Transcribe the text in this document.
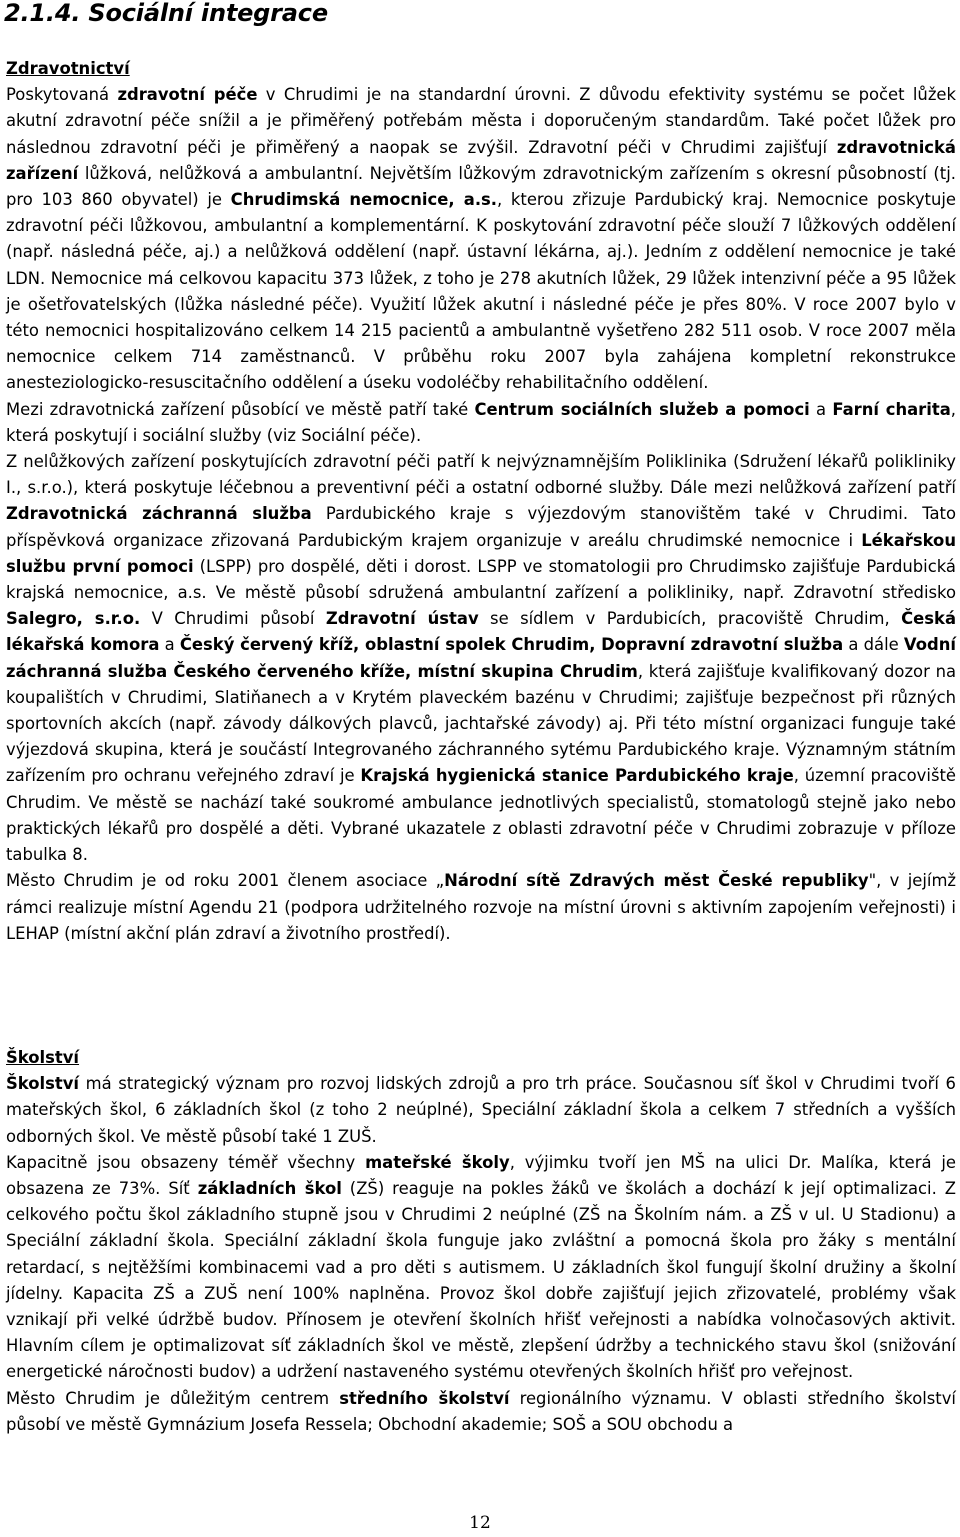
2.1.4. Sociální integrace
Zdravotnictví

Poskytovaná zdravotní péče v Chrudimi je na standardní úrovni. Z důvodu efektivity systému se počet lůžek akutní zdravotní péče snížil a je přiměřený potřebám města i doporučeným standardům. Také počet lůžek pro následnou zdravotní péči je přiměřený a naopak se zvýšil. Zdravotní péči v Chrudimi zajišťují zdravotnická zařízení lůžková, nelůžková a ambulantní. Největším lůžkovým zdravotnickým zařízením s okresní působností (tj. pro 103 860 obyvatel) je Chrudimská nemocnice, a.s., kterou zřizuje Pardubický kraj. Nemocnice poskytuje zdravotní péči lůžkovou, ambulantní a komplementární. K poskytování zdravotní péče slouží 7 lůžkových oddělení (např. následná péče, aj.) a nelůžková oddělení (např. ústavní lékárna, aj.). Jedním z oddělení nemocnice je také LDN. Nemocnice má celkovou kapacitu 373 lůžek, z toho je 278 akutních lůžek, 29 lůžek intenzivní péče a 95 lůžek je ošetřovatelských (lůžka následné péče). Využití lůžek akutní i následné péče je přes 80%. V roce 2007 bylo v této nemocnici hospitalizováno celkem 14 215 pacientů a ambulantně vyšetřeno 282 511 osob. V roce 2007 měla nemocnice celkem 714 zaměstnanců. V průběhu roku 2007 byla zahájena kompletní rekonstrukce anesteziologicko-resuscitačního oddělení a úseku vodoléčby rehabilitačního oddělení.

Mezi zdravotnická zařízení působící ve městě patří také Centrum sociálních služeb a pomoci a Farní charita, která poskytují i sociální služby (viz Sociální péče).

Z nelůžkových zařízení poskytujících zdravotní péči patří k nejvýznamnějším Poliklinika (Sdružení lékařů polikliniky I., s.r.o.), která poskytuje léčebnou a preventivní péči a ostatní odborné služby. Dále mezi nelůžková zařízení patří Zdravotnická záchranná služba Pardubického kraje s výjezdovým stanovištěm také v Chrudimi. Tato příspěvková organizace zřizovaná Pardubickým krajem organizuje v areálu chrudimské nemocnice i Lékařskou službu první pomoci (LSPP) pro dospělé, děti i dorost. LSPP ve stomatologii pro Chrudimsko zajišťuje Pardubická krajská nemocnice, a.s. Ve městě působí sdružená ambulantní zařízení a polikliniky, např. Zdravotní středisko Salegro, s.r.o. V Chrudimi působí Zdravotní ústav se sídlem v Pardubicích, pracoviště Chrudim, Česká lékařská komora a Český červený kříž, oblastní spolek Chrudim, Dopravní zdravotní služba a dále Vodní záchranná služba Českého červeného kříže, místní skupina Chrudim, která zajišťuje kvalifikovaný dozor na koupalištích v Chrudimi, Slatiňanech a v Krytém plaveckém bazénu v Chrudimi; zajišťuje bezpečnost při různých sportovních akcích (např. závody dálkových plavců, jachtařské závody) aj. Při této místní organizaci funguje také výjezdová skupina, která je součástí Integrovaného záchranného sytému Pardubického kraje. Významným státním zařízením pro ochranu veřejného zdraví je Krajská hygienická stanice Pardubického kraje, územní pracoviště Chrudim. Ve městě se nachází také soukromé ambulance jednotlivých specialistů, stomatologů stejně jako nebo praktických lékařů pro dospělé a děti. Vybrané ukazatele z oblasti zdravotní péče v Chrudimi zobrazuje v příloze tabulka 8.

Město Chrudim je od roku 2001 členem asociace „Národní sítě Zdravých měst České republiky", v jejímž rámci realizuje místní Agendu 21 (podpora udržitelného rozvoje na místní úrovni s aktivním zapojením veřejnosti) i LEHAP (místní akční plán zdraví a životního prostředí).

Školství

Školství má strategický význam pro rozvoj lidských zdrojů a pro trh práce. Současnou síť škol v Chrudimi tvoří 6 mateřských škol, 6 základních škol (z toho 2 neúplné), Speciální základní škola a celkem 7 středních a vyšších odborných škol. Ve městě působí také 1 ZUŠ.

Kapacitně jsou obsazeny téměř všechny mateřské školy, výjimku tvoří jen MŠ na ulici Dr. Malíka, která je obsazena ze 73%. Síť základních škol (ZŠ) reaguje na pokles žáků ve školách a dochází k její optimalizaci. Z celkového počtu škol základního stupně jsou v Chrudimi 2 neúplné (ZŠ na Školním nám. a ZŠ v ul. U Stadionu) a Speciální základní škola. Speciální základní škola funguje jako zvláštní a pomocná škola pro žáky s mentální retardací, s nejtěžšími kombinacemi vad a pro děti s autismem. U základních škol fungují školní družiny a školní jídelny. Kapacita ZŠ a ZUŠ není 100% naplněna. Provoz škol dobře zajišťují jejich zřizovatelé, problémy však vznikají při velké údržbě budov. Přínosem je otevření školních hřišť veřejnosti a nabídka volnočasových aktivit. Hlavním cílem je optimalizovat síť základních škol ve městě, zlepšení údržby a technického stavu škol (snižování energetické náročnosti budov) a udržení nastaveného systému otevřených školních hřišť pro veřejnost.

Město Chrudim je důležitým centrem středního školství regionálního významu. V oblasti středního školství působí ve městě Gymnázium Josefa Ressela; Obchodní akademie; SOŠ a SOU obchodu a

12
